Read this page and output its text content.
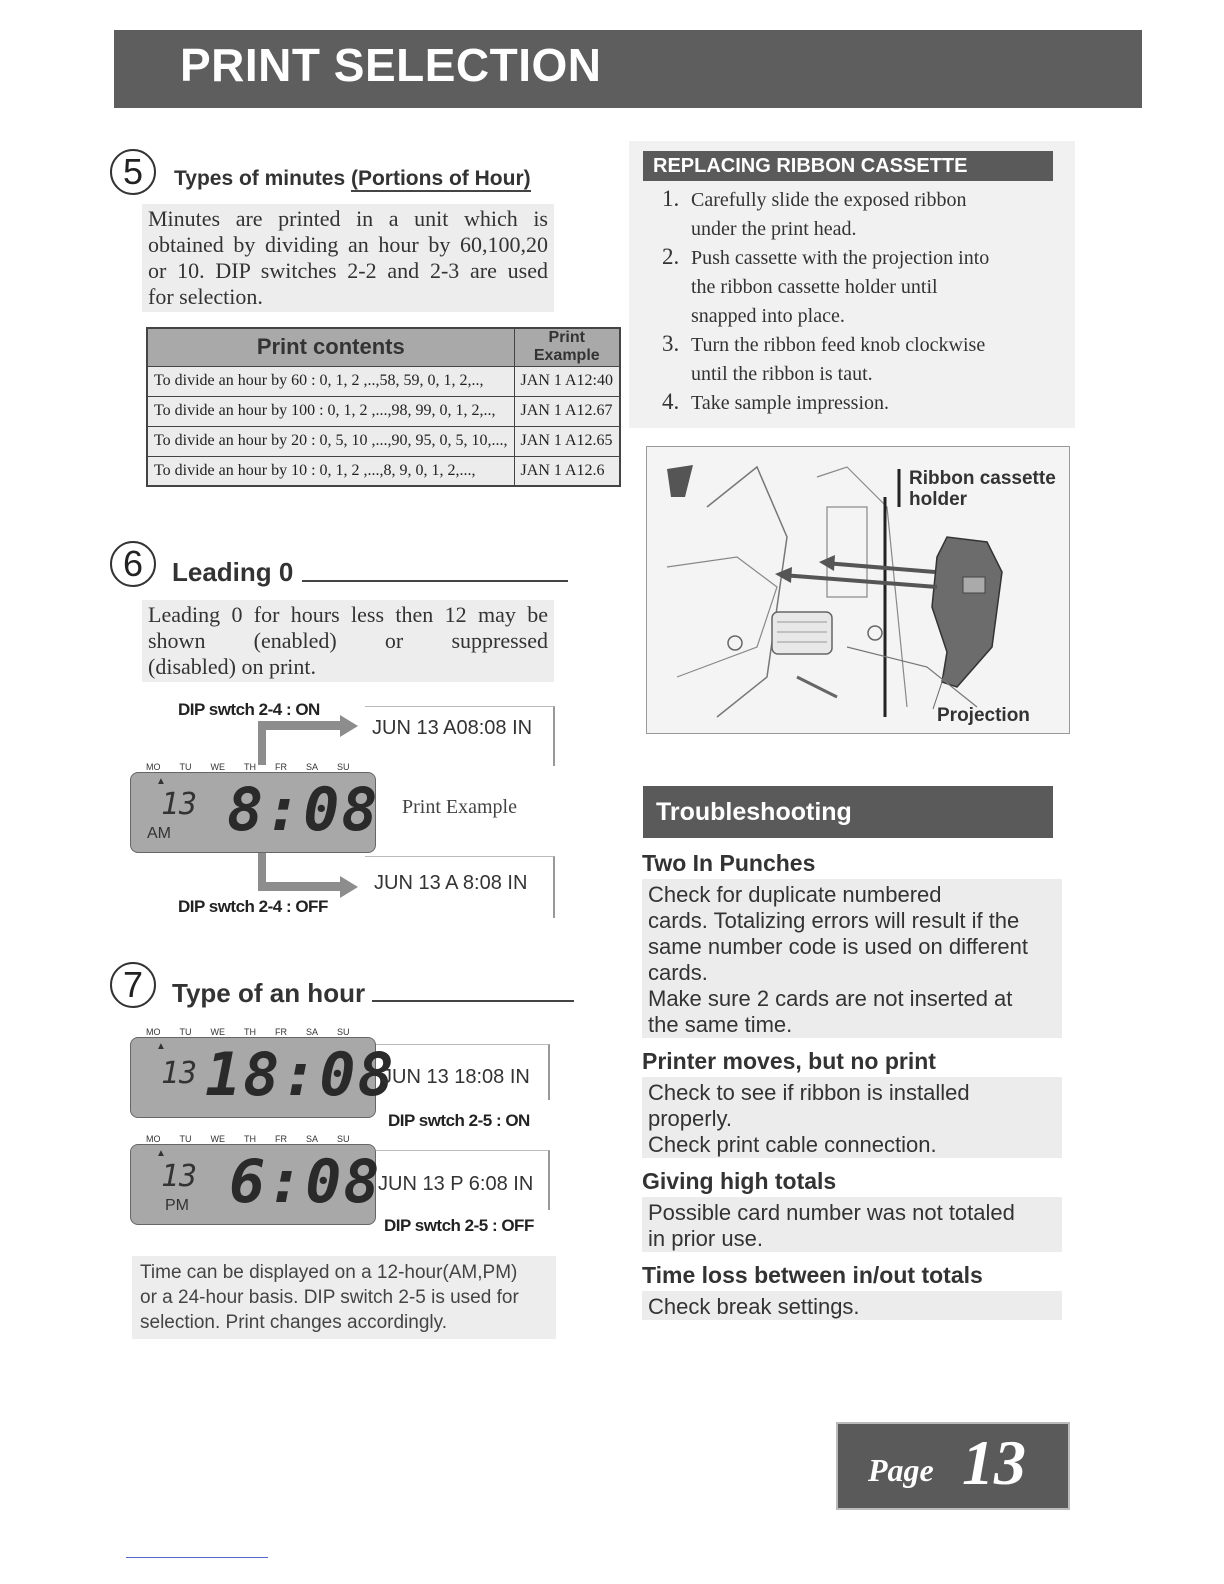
PRINT SELECTION
5	Types of minutes (Portions of Hour)
Minutes are printed in a unit which is
obtained by dividing an hour by 60,100,20
or 10. DIP switches 2-2 and 2-3 are used
for selection.
Print contents	Print Example
To divide an hour by 60 : 0, 1, 2 ,..,58, 59, 0, 1, 2,..,	JAN 1 A12:40
To divide an hour by 100 : 0, 1, 2 ,...,98, 99, 0, 1, 2,..,	JAN 1 A12.67
To divide an hour by 20 : 0, 5, 10 ,...,90, 95, 0, 5, 10,...,	JAN 1 A12.65
To divide an hour by 10 : 0, 1, 2 ,...,8, 9, 0, 1, 2,...,	JAN 1 A12.6
6	Leading 0
Leading 0 for hours less then 12 may be
shown (enabled) or suppressed
(disabled) on print.
DIP swtch 2-4 : ON
JUN 13 A08:08 IN
MO TU WE TH FR SA SU
▲
13
AM 8:08 Print Example
JUN 13 A 8:08 IN
DIP swtch 2-4 : OFF
7	Type of an hour
MO TU WE TH FR SA SU
▲
13 18:08
JUN 13 18:08 IN
DIP swtch 2-5 : ON
MO TU WE TH FR SA SU
▲
13
PM 6:08
JUN 13 P 6:08 IN
DIP swtch 2-5 : OFF
Time can be displayed on a 12-hour(AM,PM)
or a 24-hour basis. DIP switch 2-5 is used for
selection. Print changes accordingly.
REPLACING RIBBON CASSETTE
1. Carefully slide the exposed ribbon
under the print head.
2. Push cassette with the projection into
the ribbon cassette holder until
snapped into place.
3. Turn the ribbon feed knob clockwise
until the ribbon is taut.
4. Take sample impression.
Ribbon cassette
holder
Projection
Troubleshooting
Two In Punches
Check for duplicate numbered
cards. Totalizing errors will result if the
same number code is used on different
cards.
Make sure 2 cards are not inserted at
the same time.
Printer moves, but no print
Check to see if ribbon is installed
properly.
Check print cable connection.
Giving high totals
Possible card number was not totaled
in prior use.
Time loss between in/out totals
Check break settings.
Page 13
